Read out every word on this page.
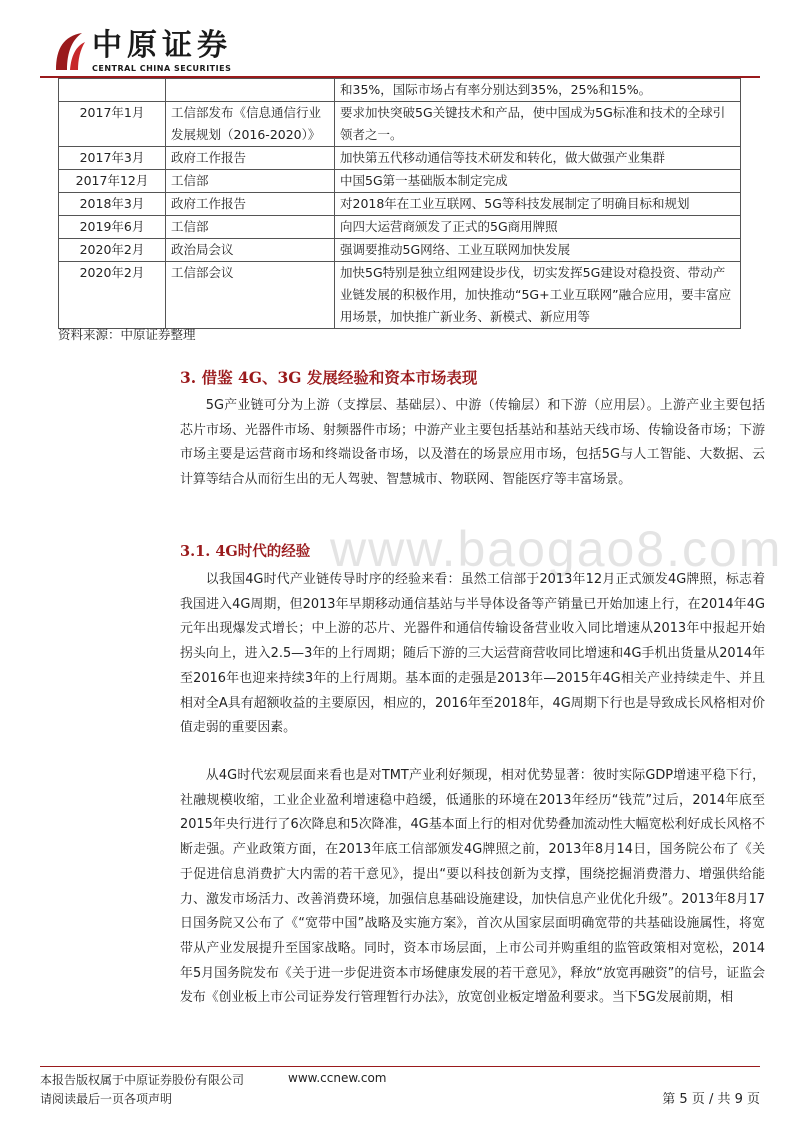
中原证券
CENTRAL CHINA SECURITIES
		和35%，国际市场占有率分别达到35%，25%和15%。
2017年1月	工信部发布《信息通信行业发展规划（2016-2020）》	要求加快突破5G关键技术和产品，使中国成为5G标准和技术的全球引领者之一。
2017年3月	政府工作报告	加快第五代移动通信等技术研发和转化，做大做强产业集群
2017年12月	工信部	中国5G第一基础版本制定完成
2018年3月	政府工作报告	对2018年在工业互联网、5G等科技发展制定了明确目标和规划
2019年6月	工信部	向四大运营商颁发了正式的5G商用牌照
2020年2月	政治局会议	强调要推动5G网络、工业互联网加快发展
2020年2月	工信部会议	加快5G特别是独立组网建设步伐，切实发挥5G建设对稳投资、带动产业链发展的积极作用，加快推动“5G+工业互联网”融合应用，要丰富应用场景，加快推广新业务、新模式、新应用等
资料来源：中原证券整理
3. 借鉴 4G、3G 发展经验和资本市场表现

5G产业链可分为上游（支撑层、基础层）、中游（传输层）和下游（应用层）。上游产业主要包括芯片市场、光器件市场、射频器件市场；中游产业主要包括基站和基站天线市场、传输设备市场；下游市场主要是运营商市场和终端设备市场，以及潜在的场景应用市场，包括5G与人工智能、大数据、云计算等结合从而衍生出的无人驾驶、智慧城市、物联网、智能医疗等丰富场景。

www.baogao8.com
3.1. 4G时代的经验

以我国4G时代产业链传导时序的经验来看：虽然工信部于2013年12月正式颁发4G牌照，标志着我国进入4G周期，但2013年早期移动通信基站与半导体设备等产销量已开始加速上行，在2014年4G元年出现爆发式增长；中上游的芯片、光器件和通信传输设备营业收入同比增速从2013年中报起开始拐头向上，进入2.5—3年的上行周期；随后下游的三大运营商营收同比增速和4G手机出货量从2014年至2016年也迎来持续3年的上行周期。基本面的走强是2013年—2015年4G相关产业持续走牛、并且相对全A具有超额收益的主要原因，相应的，2016年至2018年，4G周期下行也是导致成长风格相对价值走弱的重要因素。

从4G时代宏观层面来看也是对TMT产业利好频现，相对优势显著：彼时实际GDP增速平稳下行，社融规模收缩，工业企业盈利增速稳中趋缓，低通胀的环境在2013年经历“钱荒”过后，2014年底至2015年央行进行了6次降息和5次降准，4G基本面上行的相对优势叠加流动性大幅宽松利好成长风格不断走强。产业政策方面，在2013年底工信部颁发4G牌照之前，2013年8月14日，国务院公布了《关于促进信息消费扩大内需的若干意见》，提出“要以科技创新为支撑，围绕挖掘消费潜力、增强供给能力、激发市场活力、改善消费环境，加强信息基础设施建设，加快信息产业优化升级”。2013年8月17日国务院又公布了《“宽带中国”战略及实施方案》，首次从国家层面明确宽带的共基础设施属性，将宽带从产业发展提升至国家战略。同时，资本市场层面，上市公司并购重组的监管政策相对宽松，2014年5月国务院发布《关于进一步促进资本市场健康发展的若干意见》，释放“放宽再融资”的信号，证监会发布《创业板上市公司证券发行管理暂行办法》，放宽创业板定增盈利要求。当下5G发展前期，相

本报告版权属于中原证券股份有限公司	www.ccnew.com
请阅读最后一页各项声明	第 5 页 / 共 9 页
